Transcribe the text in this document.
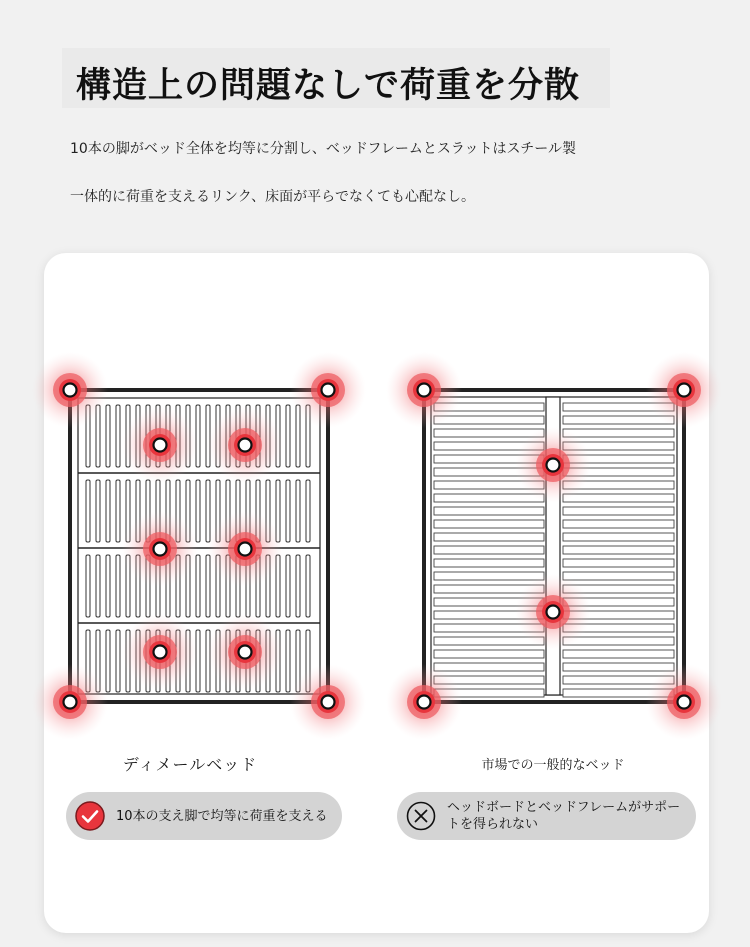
構造上の問題なしで荷重を分散
10本の脚がベッド全体を均等に分割し、ベッドフレームとスラットはスチール製
一体的に荷重を支えるリンク、床面が平らでなくても心配なし。
ディメールベッド	市場での一般的なベッド
10本の支え脚で均等に荷重を支える
ヘッドボードとベッドフレームがサポートを得られない
